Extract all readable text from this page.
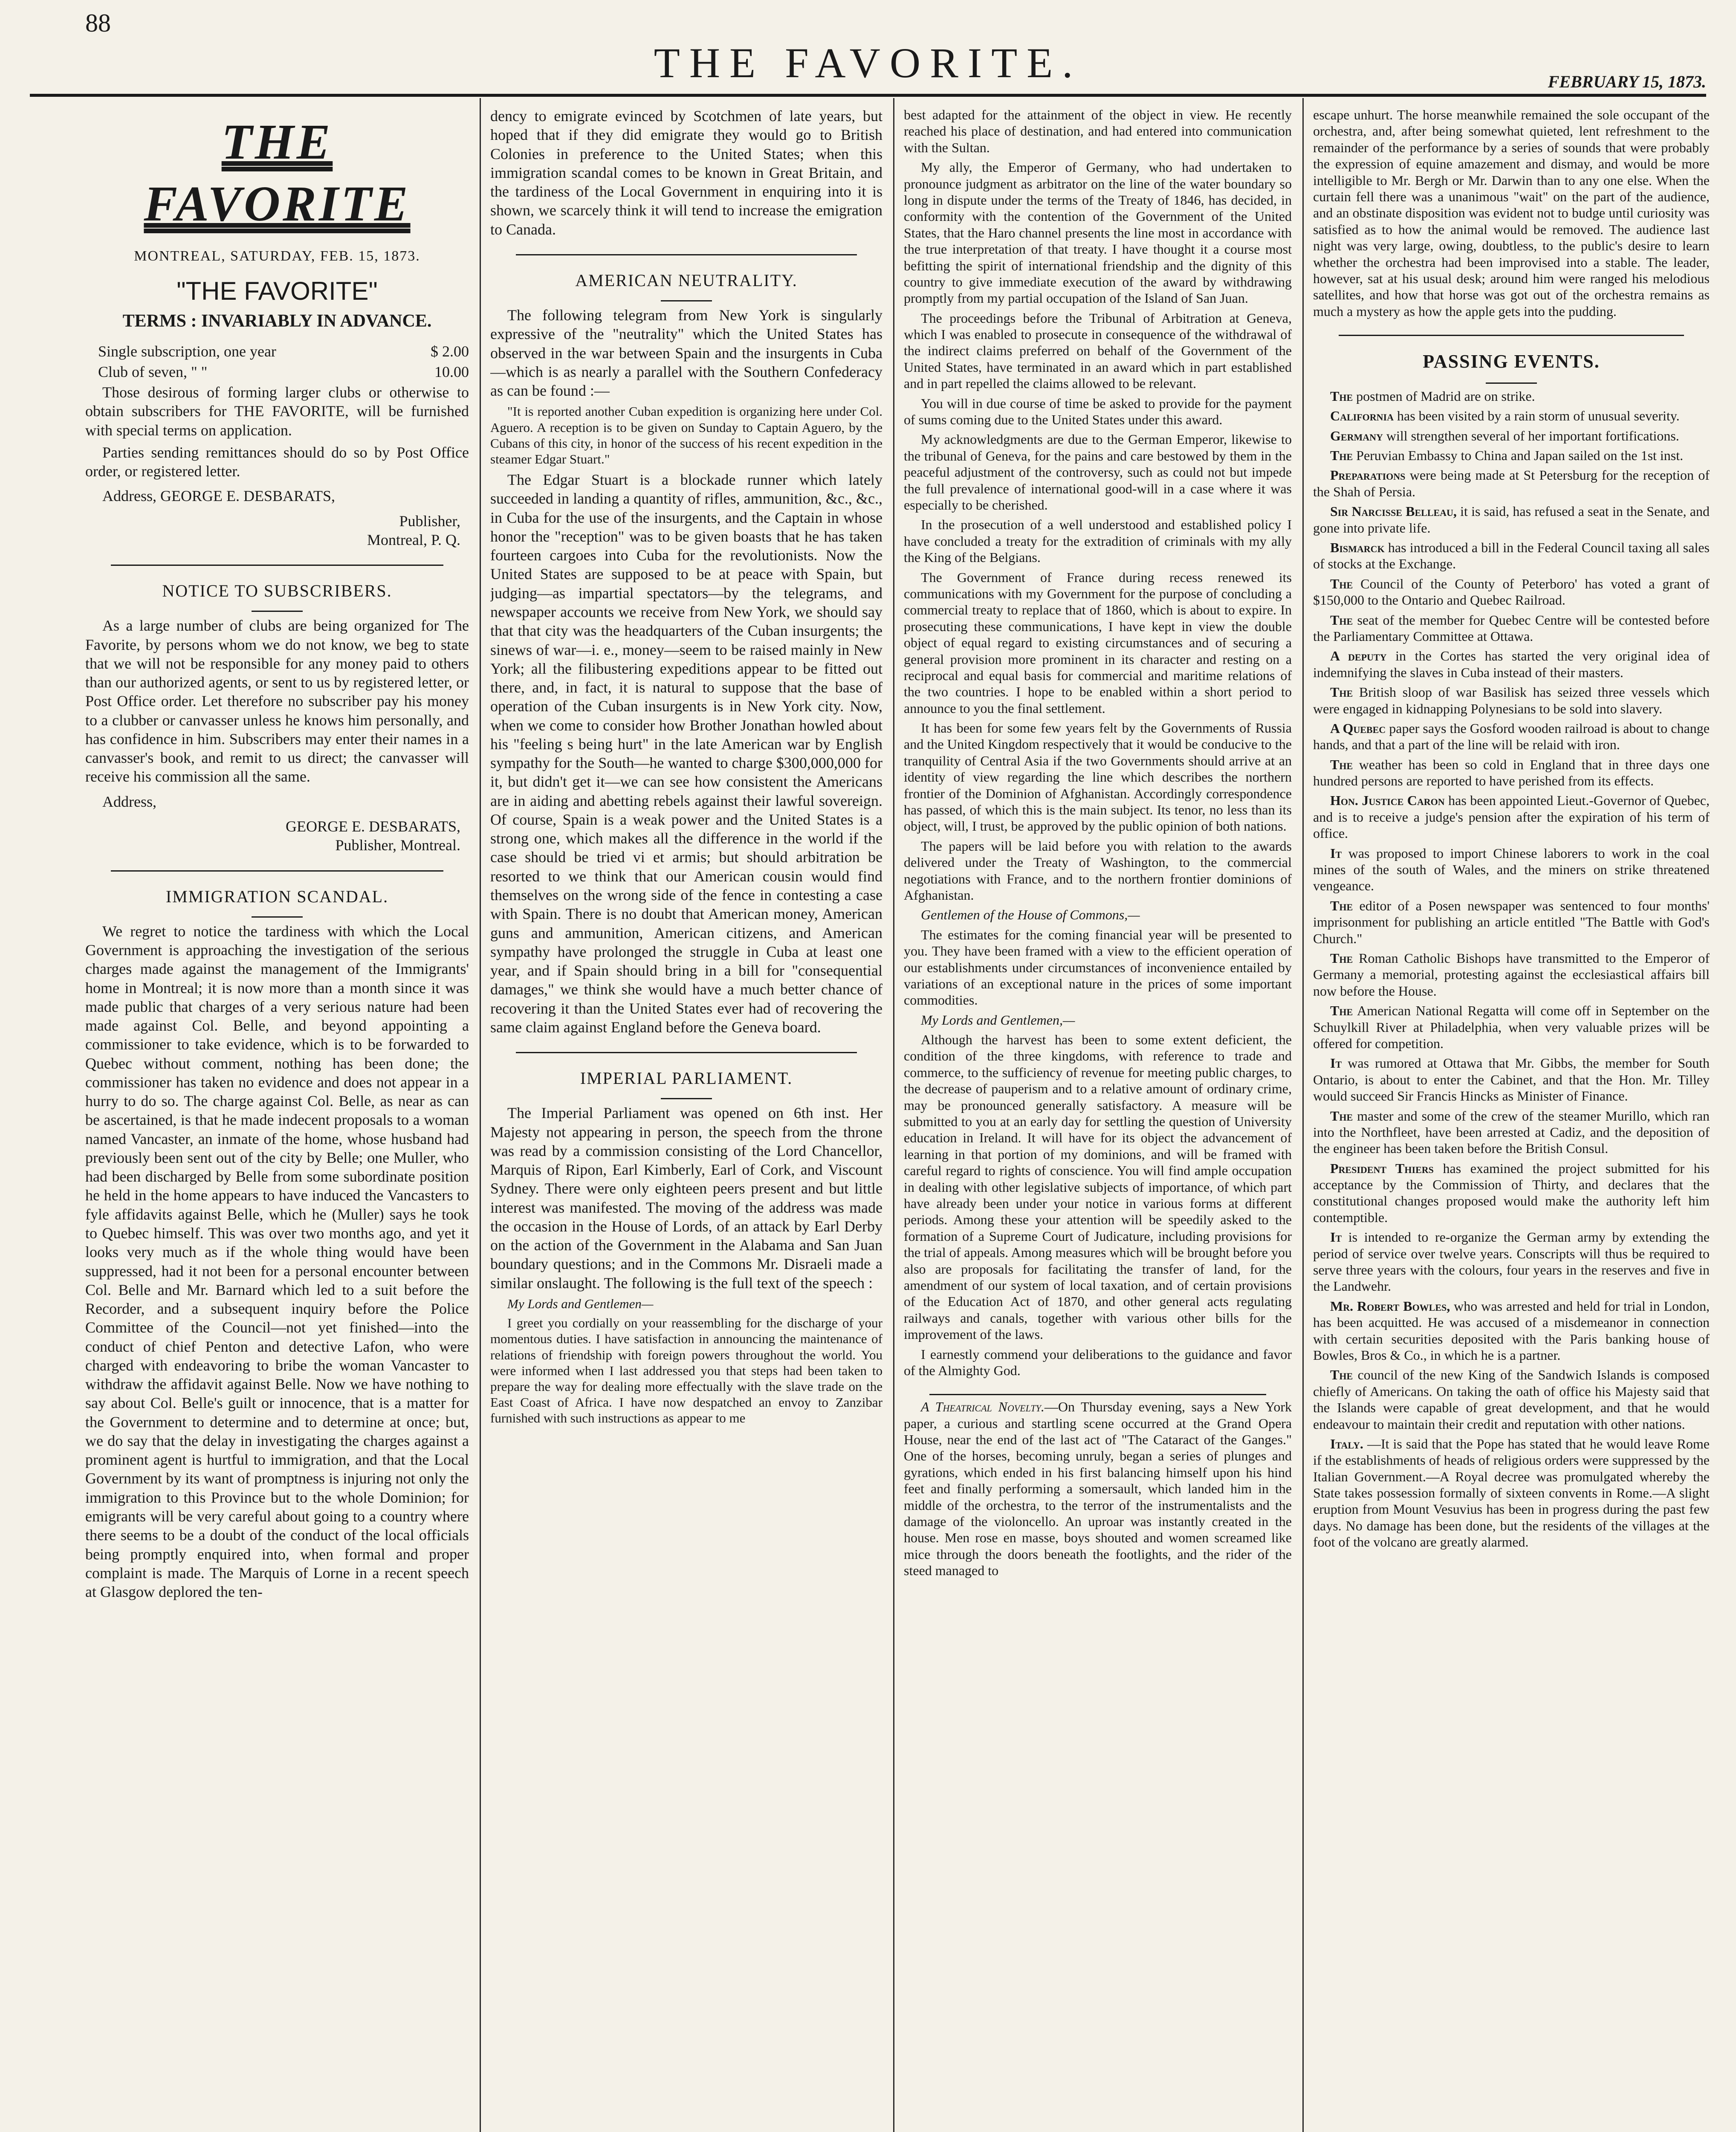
88
THE FAVORITE.	FEBRUARY 15, 1873.
THE FAVORITE
MONTREAL, SATURDAY, FEB. 15, 1873.
"THE FAVORITE"
TERMS : INVARIABLY IN ADVANCE.
Single subscription, one year	$ 2.00
Club of seven, " "	10.00

Those desirous of forming larger clubs or otherwise to obtain subscribers for THE FAVORITE, will be furnished with special terms on application.

Parties sending remittances should do so by Post Office order, or registered letter.

Address, GEORGE E. DESBARATS,

Publisher,

Montreal, P. Q.

NOTICE TO SUBSCRIBERS.

As a large number of clubs are being organized for The Favorite, by persons whom we do not know, we beg to state that we will not be responsible for any money paid to others than our authorized agents, or sent to us by registered letter, or Post Office order. Let therefore no subscriber pay his money to a clubber or canvasser unless he knows him personally, and has confidence in him. Subscribers may enter their names in a canvasser's book, and remit to us direct; the canvasser will receive his commission all the same.

Address,

GEORGE E. DESBARATS,

Publisher, Montreal.

IMMIGRATION SCANDAL.

We regret to notice the tardiness with which the Local Government is approaching the investigation of the serious charges made against the management of the Immigrants' home in Montreal; it is now more than a month since it was made public that charges of a very serious nature had been made against Col. Belle, and beyond appointing a commissioner to take evidence, which is to be forwarded to Quebec without comment, nothing has been done; the commissioner has taken no evidence and does not appear in a hurry to do so. The charge against Col. Belle, as near as can be ascertained, is that he made indecent proposals to a woman named Vancaster, an inmate of the home, whose husband had previously been sent out of the city by Belle; one Muller, who had been discharged by Belle from some subordinate position he held in the home appears to have induced the Vancasters to fyle affidavits against Belle, which he (Muller) says he took to Quebec himself. This was over two months ago, and yet it looks very much as if the whole thing would have been suppressed, had it not been for a personal encounter between Col. Belle and Mr. Barnard which led to a suit before the Recorder, and a subsequent inquiry before the Police Committee of the Council—not yet finished—into the conduct of chief Penton and detective Lafon, who were charged with endeavoring to bribe the woman Vancaster to withdraw the affidavit against Belle. Now we have nothing to say about Col. Belle's guilt or innocence, that is a matter for the Government to determine and to determine at once; but, we do say that the delay in investigating the charges against a prominent agent is hurtful to immigration, and that the Local Government by its want of promptness is injuring not only the immigration to this Province but to the whole Dominion; for emigrants will be very careful about going to a country where there seems to be a doubt of the conduct of the local officials being promptly enquired into, when formal and proper complaint is made. The Marquis of Lorne in a recent speech at Glasgow deplored the ten-

dency to emigrate evinced by Scotchmen of late years, but hoped that if they did emigrate they would go to British Colonies in preference to the United States; when this immigration scandal comes to be known in Great Britain, and the tardiness of the Local Government in enquiring into it is shown, we scarcely think it will tend to increase the emigration to Canada.

AMERICAN NEUTRALITY.

The following telegram from New York is singularly expressive of the "neutrality" which the United States has observed in the war between Spain and the insurgents in Cuba—which is as nearly a parallel with the Southern Confederacy as can be found :—

"It is reported another Cuban expedition is organizing here under Col. Aguero. A reception is to be given on Sunday to Captain Aguero, by the Cubans of this city, in honor of the success of his recent expedition in the steamer Edgar Stuart."

The Edgar Stuart is a blockade runner which lately succeeded in landing a quantity of rifles, ammunition, &c., &c., in Cuba for the use of the insurgents, and the Captain in whose honor the "reception" was to be given boasts that he has taken fourteen cargoes into Cuba for the revolutionists. Now the United States are supposed to be at peace with Spain, but judging—as impartial spectators—by the telegrams, and newspaper accounts we receive from New York, we should say that that city was the headquarters of the Cuban insurgents; the sinews of war—i. e., money—seem to be raised mainly in New York; all the filibustering expeditions appear to be fitted out there, and, in fact, it is natural to suppose that the base of operation of the Cuban insurgents is in New York city. Now, when we come to consider how Brother Jonathan howled about his "feeling s being hurt" in the late American war by English sympathy for the South—he wanted to charge $300,000,000 for it, but didn't get it—we can see how consistent the Americans are in aiding and abetting rebels against their lawful sovereign. Of course, Spain is a weak power and the United States is a strong one, which makes all the difference in the world if the case should be tried vi et armis; but should arbitration be resorted to we think that our American cousin would find themselves on the wrong side of the fence in contesting a case with Spain. There is no doubt that American money, American guns and ammunition, American citizens, and American sympathy have prolonged the struggle in Cuba at least one year, and if Spain should bring in a bill for "consequential damages," we think she would have a much better chance of recovering it than the United States ever had of recovering the same claim against England before the Geneva board.

IMPERIAL PARLIAMENT.

The Imperial Parliament was opened on 6th inst. Her Majesty not appearing in person, the speech from the throne was read by a commission consisting of the Lord Chancellor, Marquis of Ripon, Earl Kimberly, Earl of Cork, and Viscount Sydney. There were only eighteen peers present and but little interest was manifested. The moving of the address was made the occasion in the House of Lords, of an attack by Earl Derby on the action of the Government in the Alabama and San Juan boundary questions; and in the Commons Mr. Disraeli made a similar onslaught. The following is the full text of the speech :

My Lords and Gentlemen—

I greet you cordially on your reassembling for the discharge of your momentous duties. I have satisfaction in announcing the maintenance of relations of friendship with foreign powers throughout the world. You were informed when I last addressed you that steps had been taken to prepare the way for dealing more effectually with the slave trade on the East Coast of Africa. I have now despatched an envoy to Zanzibar furnished with such instructions as appear to me

best adapted for the attainment of the object in view. He recently reached his place of destination, and had entered into communication with the Sultan.

My ally, the Emperor of Germany, who had undertaken to pronounce judgment as arbitrator on the line of the water boundary so long in dispute under the terms of the Treaty of 1846, has decided, in conformity with the contention of the Government of the United States, that the Haro channel presents the line most in accordance with the true interpretation of that treaty. I have thought it a course most befitting the spirit of international friendship and the dignity of this country to give immediate execution of the award by withdrawing promptly from my partial occupation of the Island of San Juan.

The proceedings before the Tribunal of Arbitration at Geneva, which I was enabled to prosecute in consequence of the withdrawal of the indirect claims preferred on behalf of the Government of the United States, have terminated in an award which in part established and in part repelled the claims allowed to be relevant.

You will in due course of time be asked to provide for the payment of sums coming due to the United States under this award.

My acknowledgments are due to the German Emperor, likewise to the tribunal of Geneva, for the pains and care bestowed by them in the peaceful adjustment of the controversy, such as could not but impede the full prevalence of international good-will in a case where it was especially to be cherished.

In the prosecution of a well understood and established policy I have concluded a treaty for the extradition of criminals with my ally the King of the Belgians.

The Government of France during recess renewed its communications with my Government for the purpose of concluding a commercial treaty to replace that of 1860, which is about to expire. In prosecuting these communications, I have kept in view the double object of equal regard to existing circumstances and of securing a general provision more prominent in its character and resting on a reciprocal and equal basis for commercial and maritime relations of the two countries. I hope to be enabled within a short period to announce to you the final settlement.

It has been for some few years felt by the Governments of Russia and the United Kingdom respectively that it would be conducive to the tranquility of Central Asia if the two Governments should arrive at an identity of view regarding the line which describes the northern frontier of the Dominion of Afghanistan. Accordingly correspondence has passed, of which this is the main subject. Its tenor, no less than its object, will, I trust, be approved by the public opinion of both nations.

The papers will be laid before you with relation to the awards delivered under the Treaty of Washington, to the commercial negotiations with France, and to the northern frontier dominions of Afghanistan.

Gentlemen of the House of Commons,—

The estimates for the coming financial year will be presented to you. They have been framed with a view to the efficient operation of our establishments under circumstances of inconvenience entailed by variations of an exceptional nature in the prices of some important commodities.

My Lords and Gentlemen,—

Although the harvest has been to some extent deficient, the condition of the three kingdoms, with reference to trade and commerce, to the sufficiency of revenue for meeting public charges, to the decrease of pauperism and to a relative amount of ordinary crime, may be pronounced generally satisfactory. A measure will be submitted to you at an early day for settling the question of University education in Ireland. It will have for its object the advancement of learning in that portion of my dominions, and will be framed with careful regard to rights of conscience. You will find ample occupation in dealing with other legislative subjects of importance, of which part have already been under your notice in various forms at different periods. Among these your attention will be speedily asked to the formation of a Supreme Court of Judicature, including provisions for the trial of appeals. Among measures which will be brought before you also are proposals for facilitating the transfer of land, for the amendment of our system of local taxation, and of certain provisions of the Education Act of 1870, and other general acts regulating railways and canals, together with various other bills for the improvement of the laws.

I earnestly commend your deliberations to the guidance and favor of the Almighty God.

A Theatrical Novelty.—On Thursday evening, says a New York paper, a curious and startling scene occurred at the Grand Opera House, near the end of the last act of "The Cataract of the Ganges." One of the horses, becoming unruly, began a series of plunges and gyrations, which ended in his first balancing himself upon his hind feet and finally performing a somersault, which landed him in the middle of the orchestra, to the terror of the instrumentalists and the damage of the violoncello. An uproar was instantly created in the house. Men rose en masse, boys shouted and women screamed like mice through the doors beneath the footlights, and the rider of the steed managed to

escape unhurt. The horse meanwhile remained the sole occupant of the orchestra, and, after being somewhat quieted, lent refreshment to the remainder of the performance by a series of sounds that were probably the expression of equine amazement and dismay, and would be more intelligible to Mr. Bergh or Mr. Darwin than to any one else. When the curtain fell there was a unanimous "wait" on the part of the audience, and an obstinate disposition was evident not to budge until curiosity was satisfied as to how the animal would be removed. The audience last night was very large, owing, doubtless, to the public's desire to learn whether the orchestra had been improvised into a stable. The leader, however, sat at his usual desk; around him were ranged his melodious satellites, and how that horse was got out of the orchestra remains as much a mystery as how the apple gets into the pudding.

PASSING EVENTS.

The postmen of Madrid are on strike.

California has been visited by a rain storm of unusual severity.

Germany will strengthen several of her important fortifications.

The Peruvian Embassy to China and Japan sailed on the 1st inst.

Preparations were being made at St Petersburg for the reception of the Shah of Persia.

Sir Narcisse Belleau, it is said, has refused a seat in the Senate, and gone into private life.

Bismarck has introduced a bill in the Federal Council taxing all sales of stocks at the Exchange.

The Council of the County of Peterboro' has voted a grant of $150,000 to the Ontario and Quebec Railroad.

The seat of the member for Quebec Centre will be contested before the Parliamentary Committee at Ottawa.

A deputy in the Cortes has started the very original idea of indemnifying the slaves in Cuba instead of their masters.

The British sloop of war Basilisk has seized three vessels which were engaged in kidnapping Polynesians to be sold into slavery.

A Quebec paper says the Gosford wooden railroad is about to change hands, and that a part of the line will be relaid with iron.

The weather has been so cold in England that in three days one hundred persons are reported to have perished from its effects.

Hon. Justice Caron has been appointed Lieut.-Governor of Quebec, and is to receive a judge's pension after the expiration of his term of office.

It was proposed to import Chinese laborers to work in the coal mines of the south of Wales, and the miners on strike threatened vengeance.

The editor of a Posen newspaper was sentenced to four months' imprisonment for publishing an article entitled "The Battle with God's Church."

The Roman Catholic Bishops have transmitted to the Emperor of Germany a memorial, protesting against the ecclesiastical affairs bill now before the House.

The American National Regatta will come off in September on the Schuylkill River at Philadelphia, when very valuable prizes will be offered for competition.

It was rumored at Ottawa that Mr. Gibbs, the member for South Ontario, is about to enter the Cabinet, and that the Hon. Mr. Tilley would succeed Sir Francis Hincks as Minister of Finance.

The master and some of the crew of the steamer Murillo, which ran into the Northfleet, have been arrested at Cadiz, and the deposition of the engineer has been taken before the British Consul.

President Thiers has examined the project submitted for his acceptance by the Commission of Thirty, and declares that the constitutional changes proposed would make the authority left him contemptible.

It is intended to re-organize the German army by extending the period of service over twelve years. Conscripts will thus be required to serve three years with the colours, four years in the reserves and five in the Landwehr.

Mr. Robert Bowles, who was arrested and held for trial in London, has been acquitted. He was accused of a misdemeanor in connection with certain securities deposited with the Paris banking house of Bowles, Bros & Co., in which he is a partner.

The council of the new King of the Sandwich Islands is composed chiefly of Americans. On taking the oath of office his Majesty said that the Islands were capable of great development, and that he would endeavour to maintain their credit and reputation with other nations.

Italy. —It is said that the Pope has stated that he would leave Rome if the establishments of heads of religious orders were suppressed by the Italian Government.—A Royal decree was promulgated whereby the State takes possession formally of sixteen convents in Rome.—A slight eruption from Mount Vesuvius has been in progress during the past few days. No damage has been done, but the residents of the villages at the foot of the volcano are greatly alarmed.
